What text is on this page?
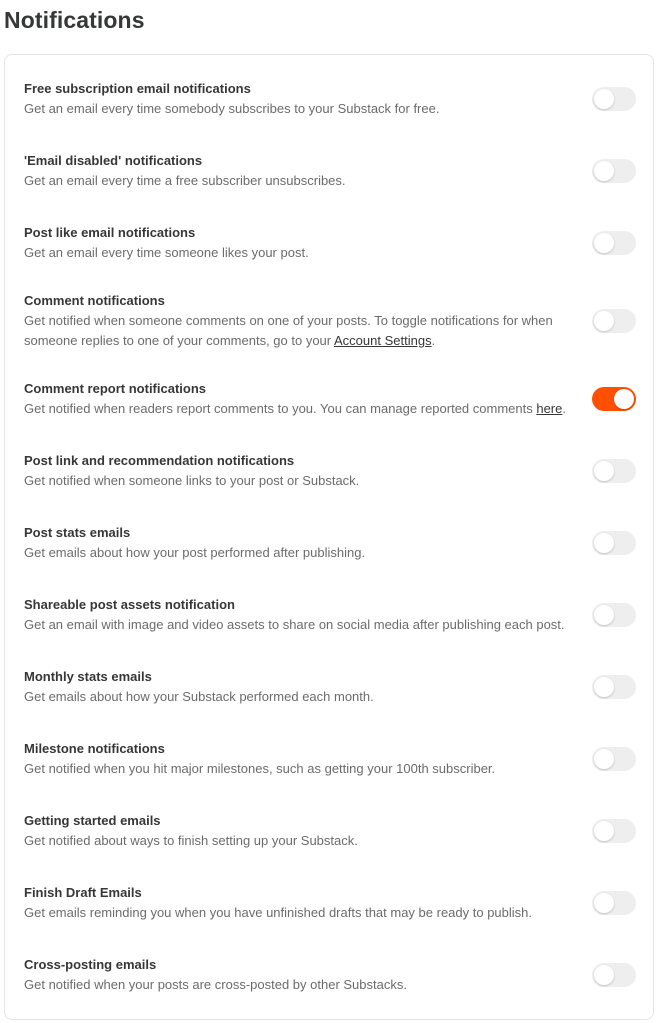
Notifications
Free subscription email notifications
Get an email every time somebody subscribes to your Substack for free.
'Email disabled' notifications
Get an email every time a free subscriber unsubscribes.
Post like email notifications
Get an email every time someone likes your post.
Comment notifications
Get notified when someone comments on one of your posts. To toggle notifications for when someone replies to one of your comments, go to your Account Settings.
Comment report notifications
Get notified when readers report comments to you. You can manage reported comments here.
Post link and recommendation notifications
Get notified when someone links to your post or Substack.
Post stats emails
Get emails about how your post performed after publishing.
Shareable post assets notification
Get an email with image and video assets to share on social media after publishing each post.
Monthly stats emails
Get emails about how your Substack performed each month.
Milestone notifications
Get notified when you hit major milestones, such as getting your 100th subscriber.
Getting started emails
Get notified about ways to finish setting up your Substack.
Finish Draft Emails
Get emails reminding you when you have unfinished drafts that may be ready to publish.
Cross-posting emails
Get notified when your posts are cross-posted by other Substacks.
